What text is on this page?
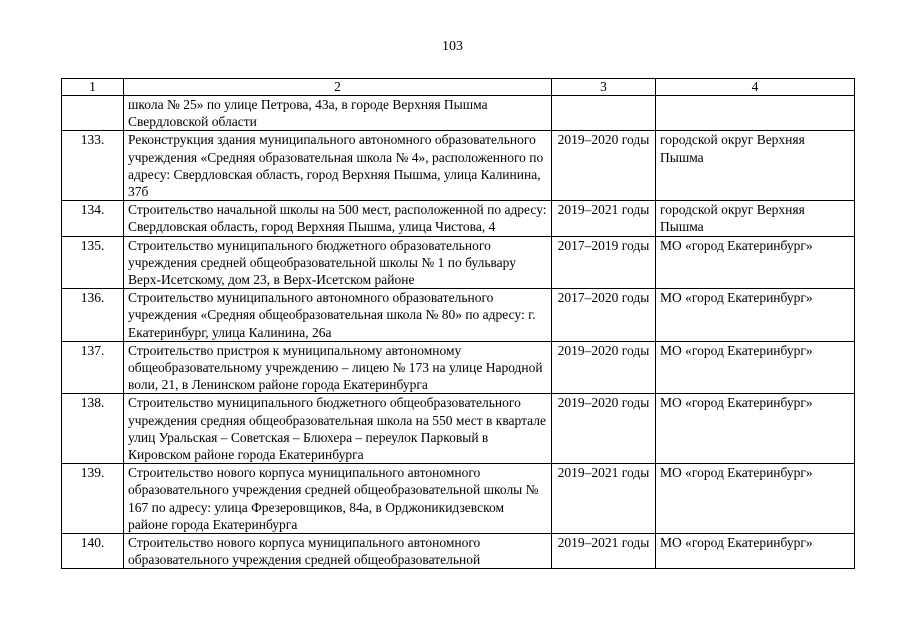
103
1	2	3	4
	школа № 25» по улице Петрова, 43а, в городе Верхняя Пышма Свердловской области		
133.	Реконструкция здания муниципального автономного образовательного учреждения «Средняя образовательная школа № 4», расположенного по адресу: Свердловская область, город Верхняя Пышма, улица Калинина, 37б	2019–2020 годы	городской округ Верхняя Пышма
134.	Строительство начальной школы на 500 мест, расположенной по адресу: Свердловская область, город Верхняя Пышма, улица Чистова, 4	2019–2021 годы	городской округ Верхняя Пышма
135.	Строительство муниципального бюджетного образовательного учреждения средней общеобразовательной школы № 1 по бульвару Верх-Исетскому, дом 23, в Верх-Исетском районе	2017–2019 годы	МО «город Екатеринбург»
136.	Строительство муниципального автономного образовательного учреждения «Средняя общеобразовательная школа № 80» по адресу: г. Екатеринбург, улица Калинина, 26а	2017–2020 годы	МО «город Екатеринбург»
137.	Строительство пристроя к муниципальному автономному общеобразовательному учреждению – лицею № 173 на улице Народной воли, 21, в Ленинском районе города Екатеринбурга	2019–2020 годы	МО «город Екатеринбург»
138.	Строительство муниципального бюджетного общеобразовательного учреждения средняя общеобразовательная школа на 550 мест в квартале улиц Уральская – Советская – Блюхера – переулок Парковый в Кировском районе города Екатеринбурга	2019–2020 годы	МО «город Екатеринбург»
139.	Строительство нового корпуса муниципального автономного образовательного учреждения средней общеобразовательной школы № 167 по адресу: улица Фрезеровщиков, 84а, в Орджоникидзевском районе города Екатеринбурга	2019–2021 годы	МО «город Екатеринбург»
140.	Строительство нового корпуса муниципального автономного образовательного учреждения средней общеобразовательной	2019–2021 годы	МО «город Екатеринбург»
